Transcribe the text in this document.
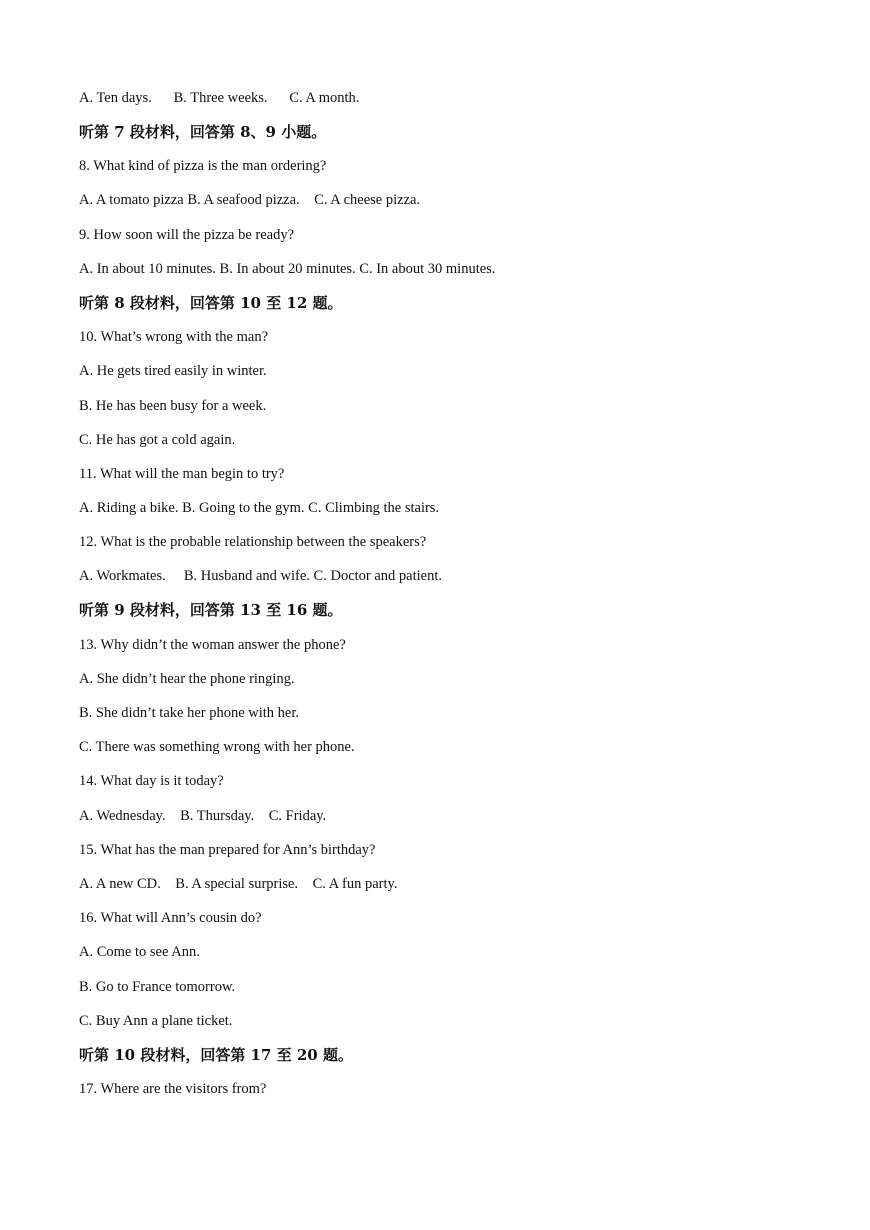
A. Ten days.      B. Three weeks.      C. A month.
听第 7 段材料，回答第 8、9 小题。
8. What kind of pizza is the man ordering?
A. A tomato pizza B. A seafood pizza.    C. A cheese pizza.
9. How soon will the pizza be ready?
A. In about 10 minutes. B. In about 20 minutes. C. In about 30 minutes.
听第 8 段材料，回答第 10 至 12 题。
10. What’s wrong with the man?
A. He gets tired easily in winter.
B. He has been busy for a week.
C. He has got a cold again.
11. What will the man begin to try?
A. Riding a bike. B. Going to the gym. C. Climbing the stairs.
12. What is the probable relationship between the speakers?
A. Workmates.     B. Husband and wife. C. Doctor and patient.
听第 9 段材料，回答第 13 至 16 题。
13. Why didn’t the woman answer the phone?
A. She didn’t hear the phone ringing.
B. She didn’t take her phone with her.
C. There was something wrong with her phone.
14. What day is it today?
A. Wednesday.    B. Thursday.    C. Friday.
15. What has the man prepared for Ann’s birthday?
A. A new CD.    B. A special surprise.    C. A fun party.
16. What will Ann’s cousin do?
A. Come to see Ann.
B. Go to France tomorrow.
C. Buy Ann a plane ticket.
听第 10 段材料，回答第 17 至 20 题。
17. Where are the visitors from?
